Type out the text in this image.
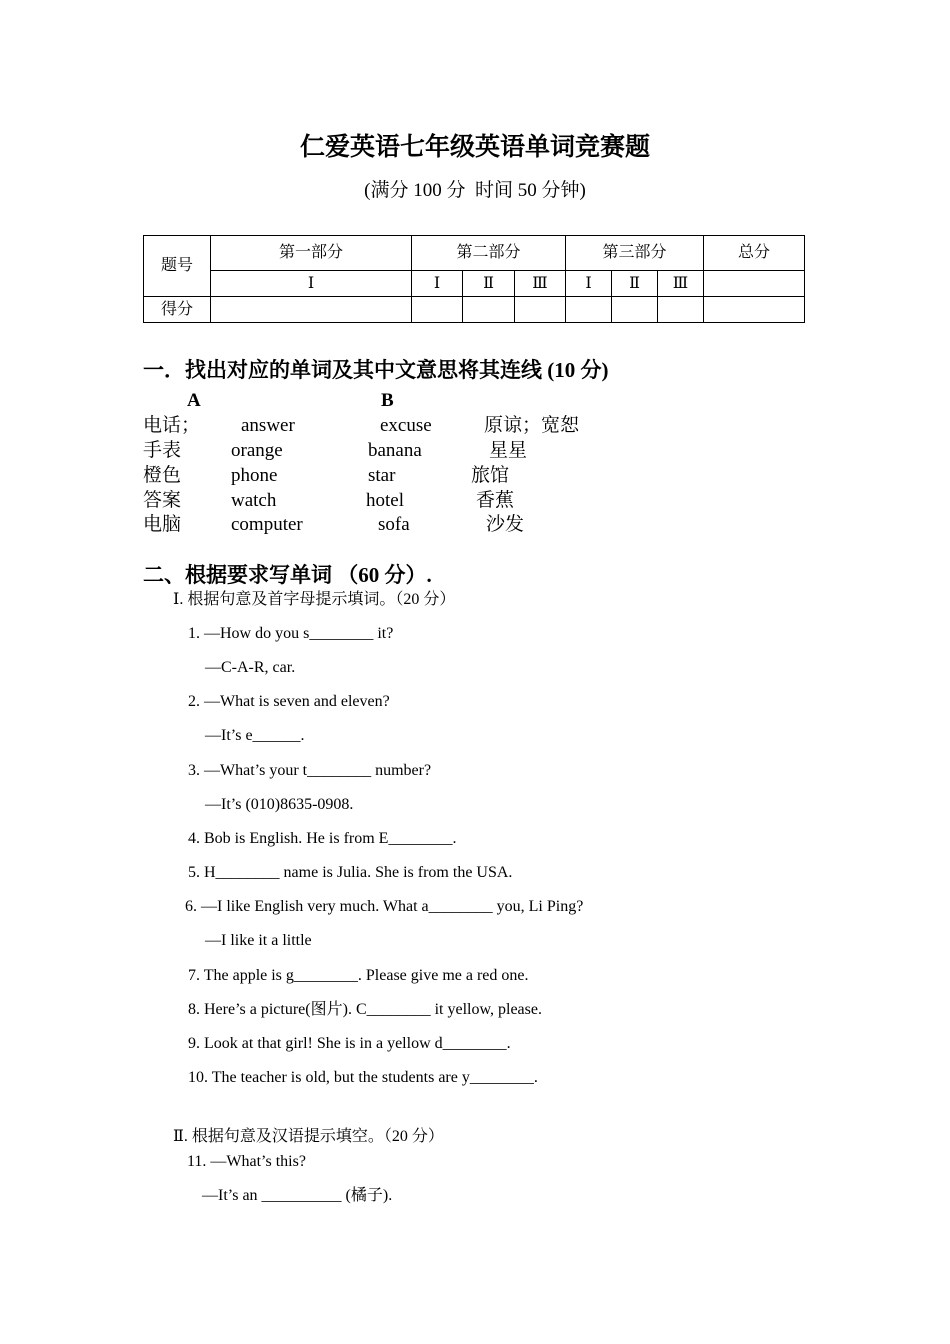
仁爱英语七年级英语单词竞赛题
(满分 100 分  时间 50 分钟)
题号	第一部分	第二部分			第三部分			总分
	Ⅰ	Ⅰ	Ⅱ	Ⅲ	Ⅰ	Ⅱ	Ⅲ	
得分								
一．找出对应的单词及其中文意思将其连线 (10 分)
A	B
电话； answer	excuse	原谅；宽恕
手表	orange	banana	星星
橙色	phone	star	旅馆
答案	watch	hotel	香蕉
电脑	computer	sofa	沙发
二、根据要求写单词 （60 分）.
Ⅰ. 根据句意及首字母提示填词。（20 分）
1. —How do you s________ it?
—C-A-R, car.
2. —What is seven and eleven?
—It’s e______.
3. —What’s your t________ number?
—It’s (010)8635-0908.
4. Bob is English. He is from E________.
5. H________ name is Julia. She is from the USA.
6. —I like English very much. What a________ you, Li Ping?
—I like it a little
7. The apple is g________. Please give me a red one.
8. Here’s a picture(图片). C________ it yellow, please.
9. Look at that girl! She is in a yellow d________.
10. The teacher is old, but the students are y________.
Ⅱ. 根据句意及汉语提示填空。（20 分）
11. —What’s this?
—It’s an __________ (橘子).
